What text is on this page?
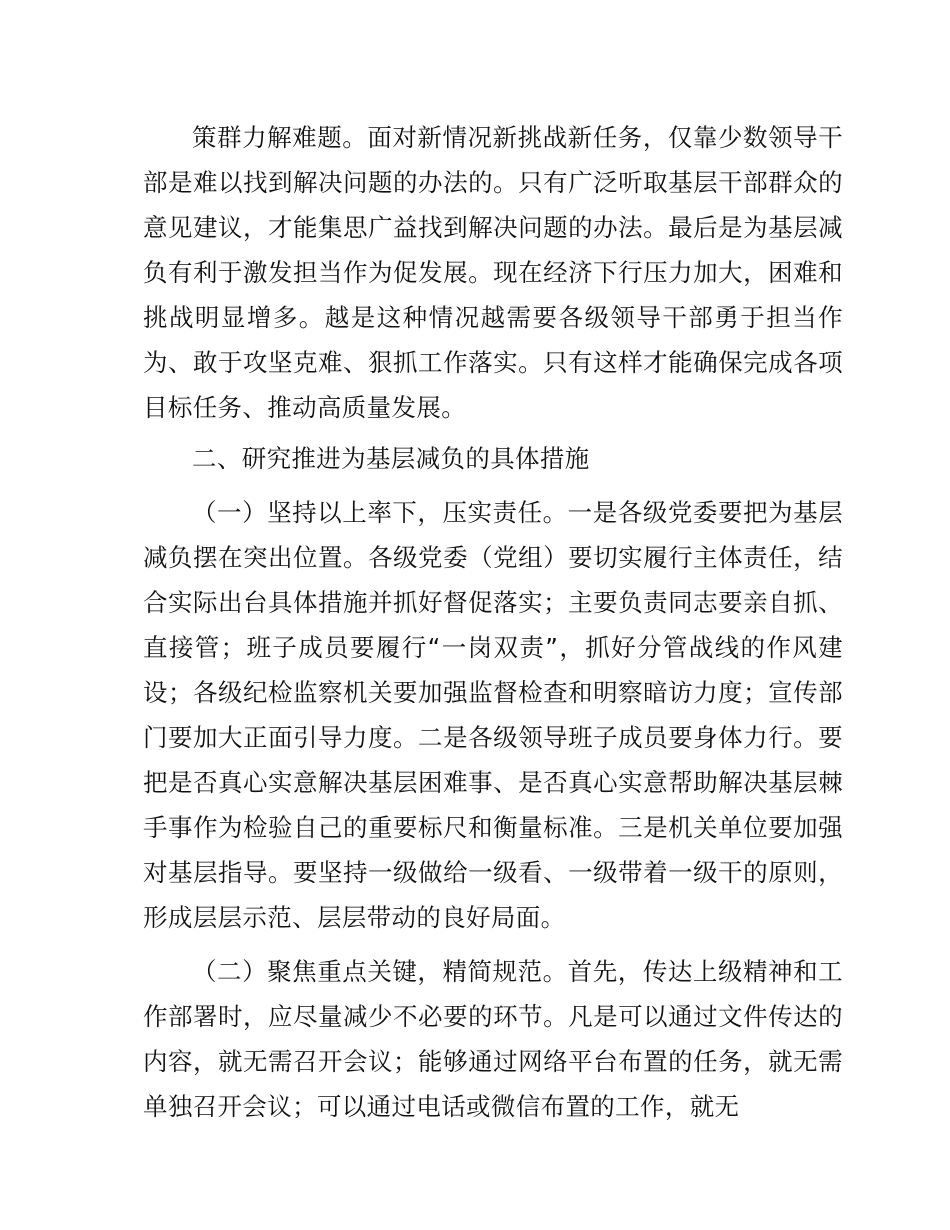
策群力解难题。面对新情况新挑战新任务，仅靠少数领导干部是难以找到解决问题的办法的。只有广泛听取基层干部群众的意见建议，才能集思广益找到解决问题的办法。最后是为基层减负有利于激发担当作为促发展。现在经济下行压力加大，困难和挑战明显增多。越是这种情况越需要各级领导干部勇于担当作为、敢于攻坚克难、狠抓工作落实。只有这样才能确保完成各项目标任务、推动高质量发展。

二、研究推进为基层减负的具体措施

（一）坚持以上率下，压实责任。一是各级党委要把为基层减负摆在突出位置。各级党委（党组）要切实履行主体责任，结合实际出台具体措施并抓好督促落实；主要负责同志要亲自抓、直接管；班子成员要履行“一岗双责”，抓好分管战线的作风建设；各级纪检监察机关要加强监督检查和明察暗访力度；宣传部门要加大正面引导力度。二是各级领导班子成员要身体力行。要把是否真心实意解决基层困难事、是否真心实意帮助解决基层棘手事作为检验自己的重要标尺和衡量标准。三是机关单位要加强对基层指导。要坚持一级做给一级看、一级带着一级干的原则，形成层层示范、层层带动的良好局面。

（二）聚焦重点关键，精简规范。首先，传达上级精神和工作部署时，应尽量减少不必要的环节。凡是可以通过文件传达的内容，就无需召开会议；能够通过网络平台布置的任务，就无需单独召开会议；可以通过电话或微信布置的工作，就无
